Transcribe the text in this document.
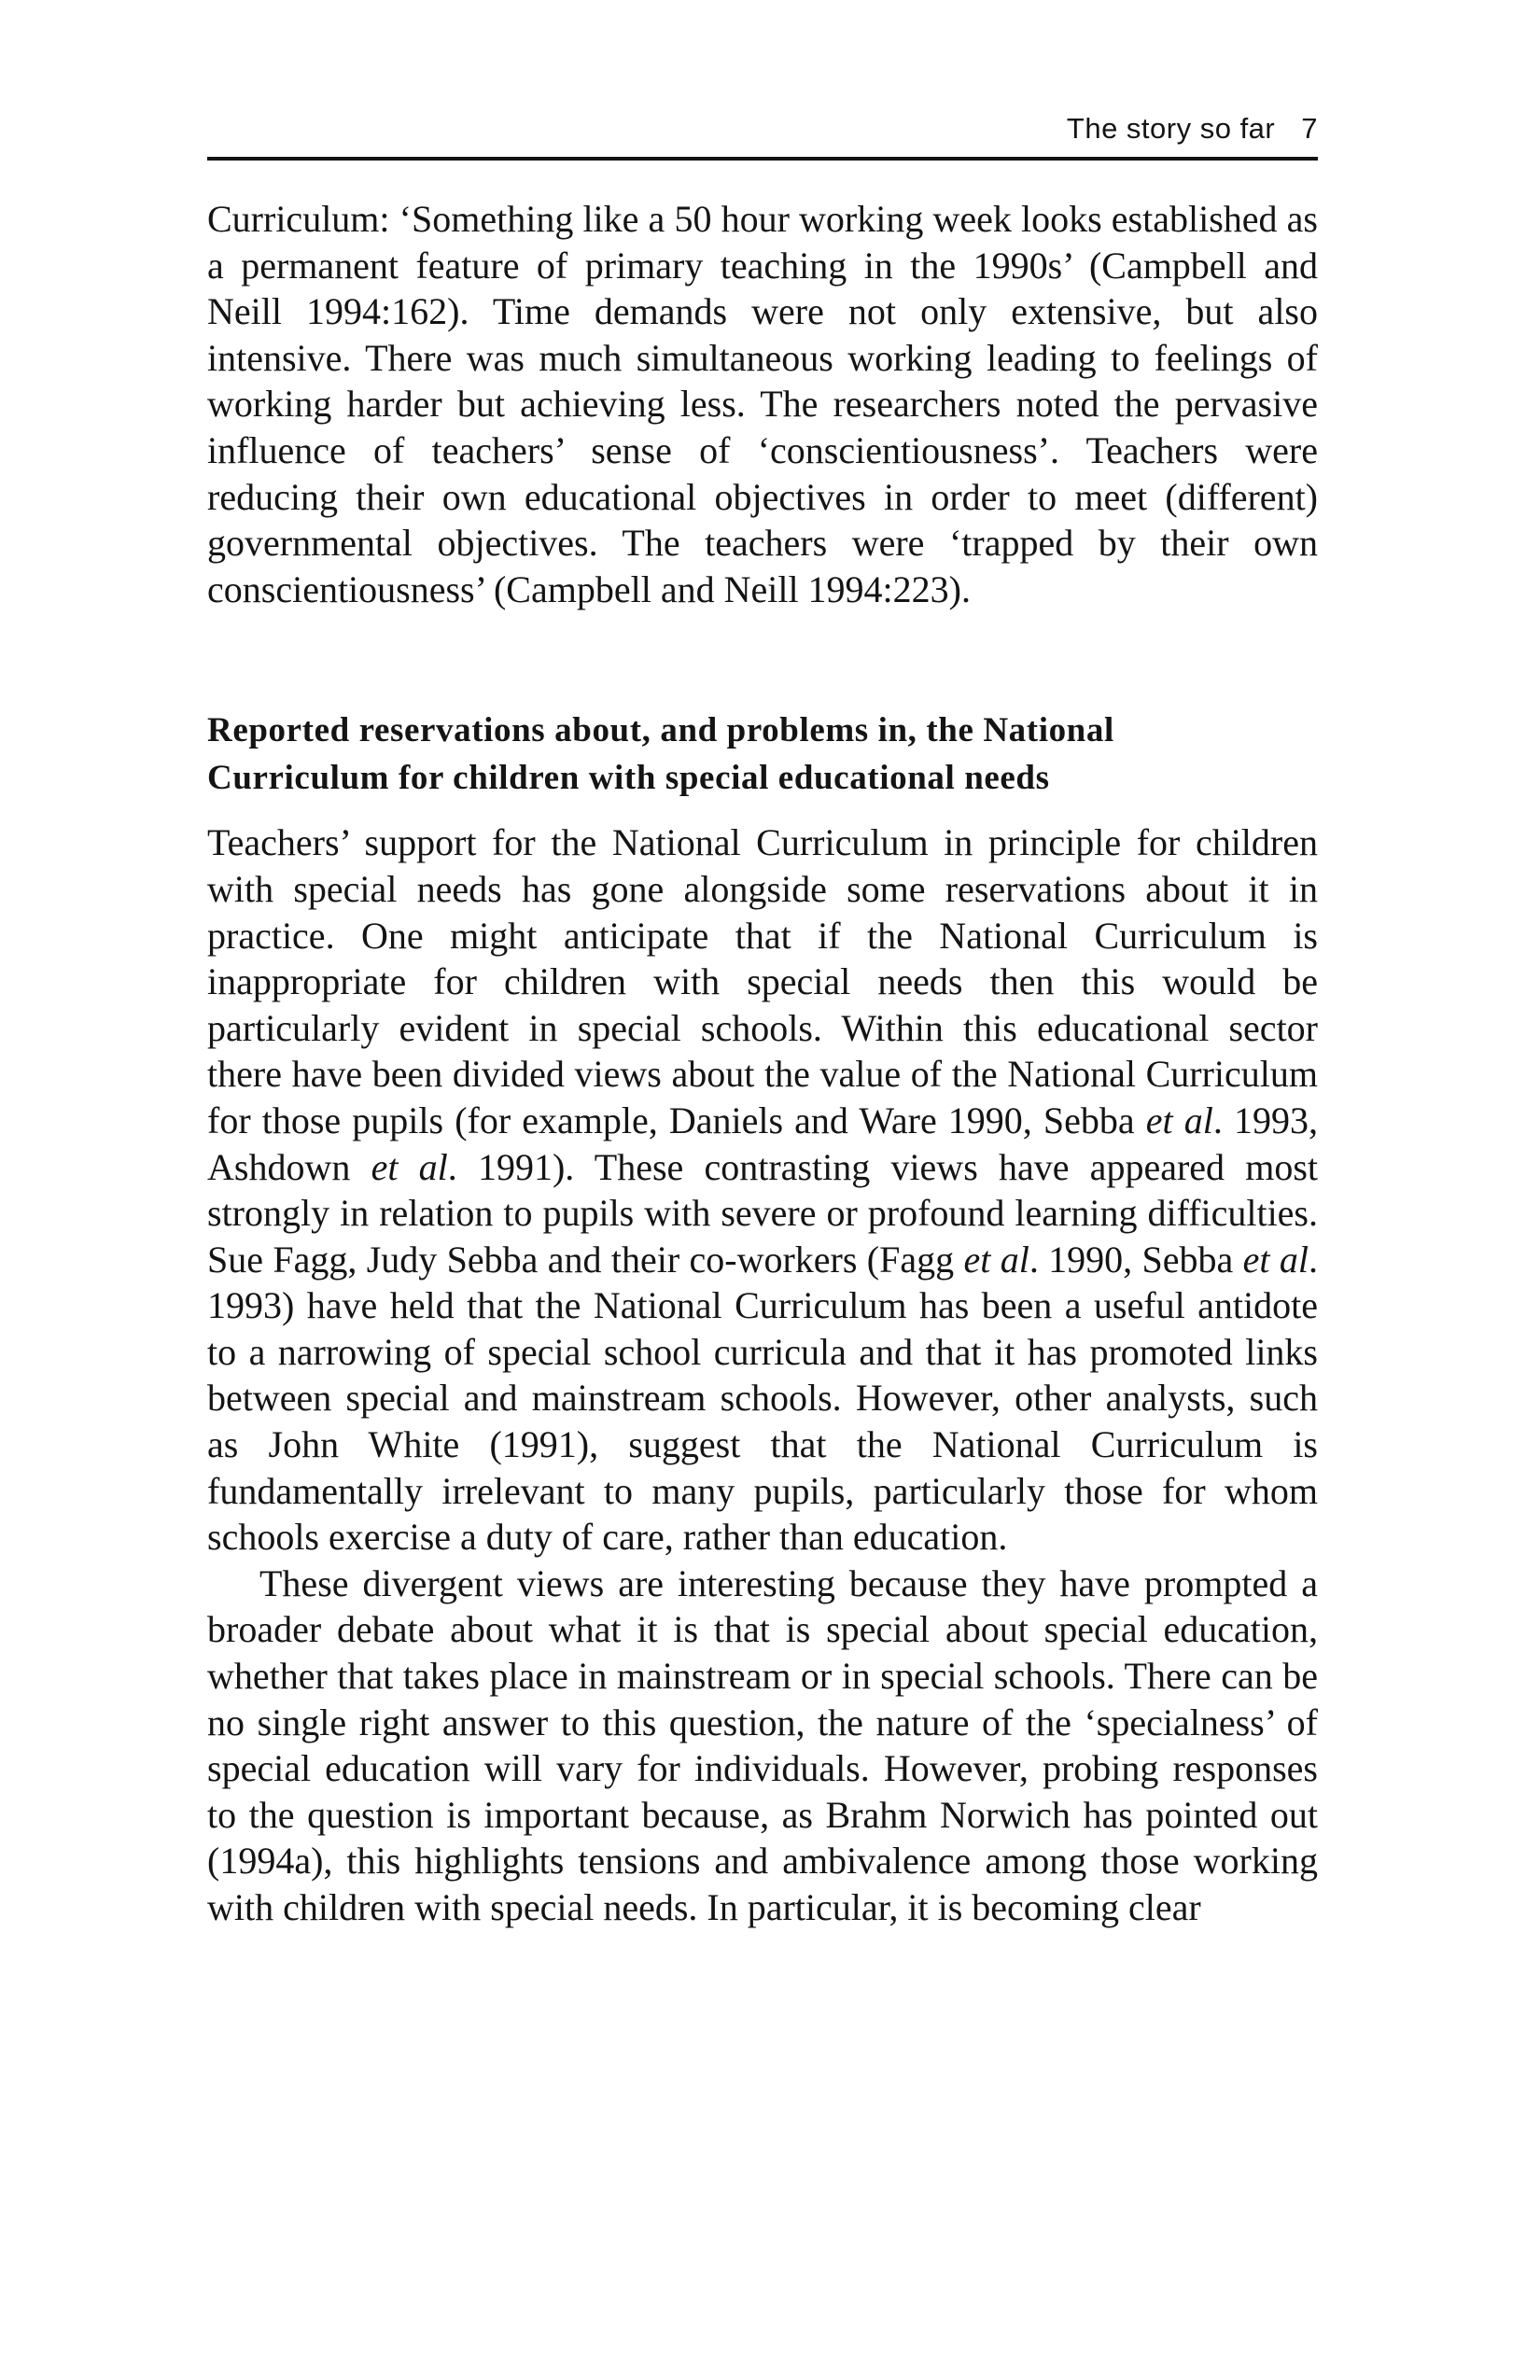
The story so far 7

Curriculum: ‘Something like a 50 hour working week looks established as a permanent feature of primary teaching in the 1990s’ (Campbell and Neill 1994:162). Time demands were not only extensive, but also intensive. There was much simultaneous working leading to feelings of working harder but achieving less. The researchers noted the pervasive influence of teachers’ sense of ‘conscientiousness’. Teachers were reducing their own educational objectives in order to meet (different) governmental objectives. The teachers were ‘trapped by their own conscientiousness’ (Campbell and Neill 1994:223).

Reported reservations about, and problems in, the National
Curriculum for children with special educational needs

Teachers’ support for the National Curriculum in principle for children with special needs has gone alongside some reservations about it in practice. One might anticipate that if the National Curriculum is inappropriate for children with special needs then this would be particularly evident in special schools. Within this educational sector there have been divided views about the value of the National Curriculum for those pupils (for example, Daniels and Ware 1990, Sebba et al. 1993, Ashdown et al. 1991). These contrasting views have appeared most strongly in relation to pupils with severe or profound learning difficulties. Sue Fagg, Judy Sebba and their co-workers (Fagg et al. 1990, Sebba et al. 1993) have held that the National Curriculum has been a useful antidote to a narrowing of special school curricula and that it has promoted links between special and mainstream schools. However, other analysts, such as John White (1991), suggest that the National Curriculum is fundamentally irrelevant to many pupils, particularly those for whom schools exercise a duty of care, rather than education.

These divergent views are interesting because they have prompted a broader debate about what it is that is special about special education, whether that takes place in mainstream or in special schools. There can be no single right answer to this question, the nature of the ‘specialness’ of special education will vary for individuals. However, probing responses to the question is important because, as Brahm Norwich has pointed out (1994a), this highlights tensions and ambivalence among those working with children with special needs. In particular, it is becoming clear
